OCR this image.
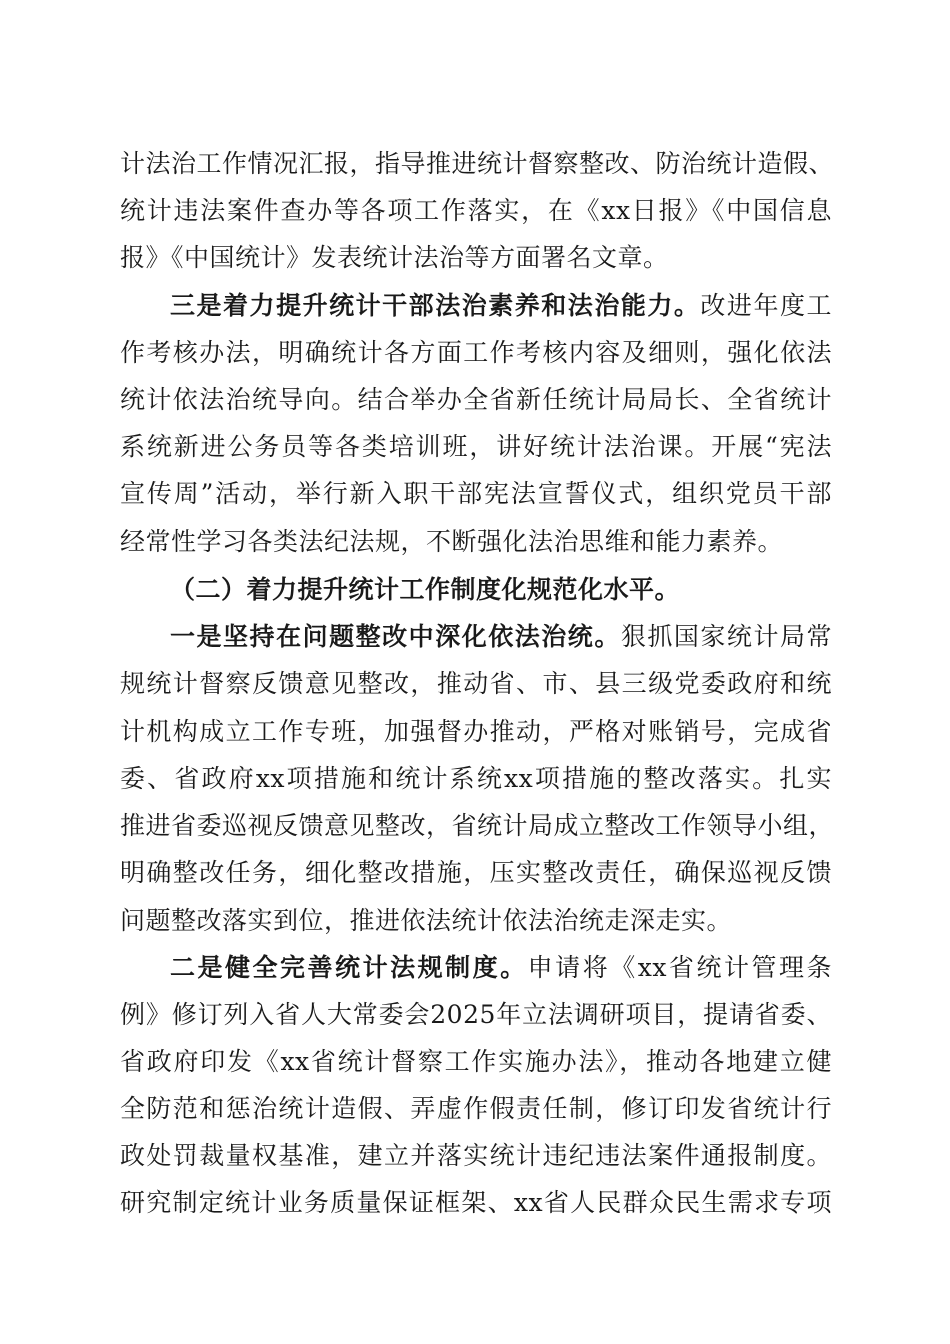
计法治工作情况汇报，指导推进统计督察整改、防治统计造假、
统计违法案件查办等各项工作落实，在《xx日报》《中国信息
报》《中国统计》发表统计法治等方面署名文章。
三是着力提升统计干部法治素养和法治能力。改进年度工
作考核办法，明确统计各方面工作考核内容及细则，强化依法
统计依法治统导向。结合举办全省新任统计局局长、全省统计
系统新进公务员等各类培训班，讲好统计法治课。开展“宪法
宣传周”活动，举行新入职干部宪法宣誓仪式，组织党员干部
经常性学习各类法纪法规，不断强化法治思维和能力素养。
（二）着力提升统计工作制度化规范化水平。
一是坚持在问题整改中深化依法治统。狠抓国家统计局常
规统计督察反馈意见整改，推动省、市、县三级党委政府和统
计机构成立工作专班，加强督办推动，严格对账销号，完成省
委、省政府xx项措施和统计系统xx项措施的整改落实。扎实
推进省委巡视反馈意见整改，省统计局成立整改工作领导小组，
明确整改任务，细化整改措施，压实整改责任，确保巡视反馈
问题整改落实到位，推进依法统计依法治统走深走实。
二是健全完善统计法规制度。申请将《xx省统计管理条
例》修订列入省人大常委会2025年立法调研项目，提请省委、
省政府印发《xx省统计督察工作实施办法》，推动各地建立健
全防范和惩治统计造假、弄虚作假责任制，修订印发省统计行
政处罚裁量权基准，建立并落实统计违纪违法案件通报制度。
研究制定统计业务质量保证框架、xx省人民群众民生需求专项
